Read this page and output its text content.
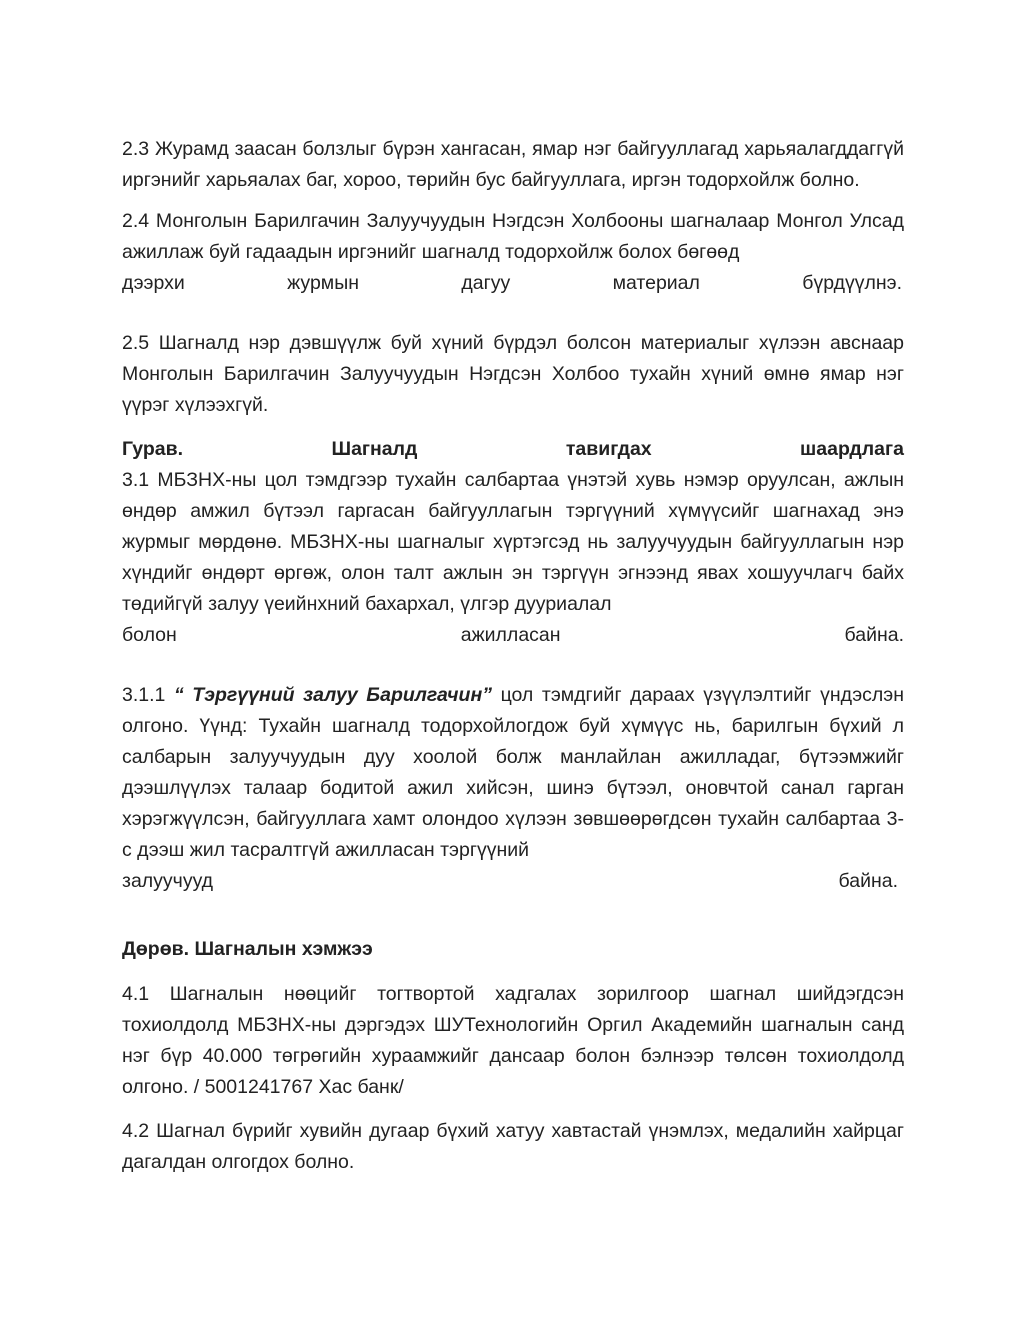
2.3 Журамд заасан болзлыг бүрэн хангасан, ямар нэг байгууллагад харьяалагддаггүй иргэнийг харьяалах баг, хороо, төрийн бус байгууллага, иргэн тодорхойлж болно.

2.4 Монголын Барилгачин Залуучуудын Нэгдсэн Холбооны шагналаар Монгол Улсад ажиллаж буй гадаадын иргэнийг шагналд тодорхойлж болох бөгөөд

дээрхи журмын дагуу материал бүрдүүлнэ.

2.5 Шагналд нэр дэвшүүлж буй хүний бүрдэл болсон материалыг хүлээн авснаар Монголын Барилгачин Залуучуудын Нэгдсэн Холбоо тухайн хүний өмнө ямар нэг үүрэг хүлээхгүй.

Гурав. Шагналд тавигдах шаардлага

3.1 МБЗНХ-ны цол тэмдгээр тухайн салбартаа үнэтэй хувь нэмэр оруулсан, ажлын өндөр амжил бүтээл гаргасан байгууллагын тэргүүний хүмүүсийг шагнахад энэ журмыг мөрдөнө. МБЗНХ-ны шагналыг хүртэгсэд нь залуучуудын байгууллагын нэр хүндийг өндөрт өргөж, олон талт ажлын эн тэргүүн эгнээнд явах хошуучлагч байх төдийгүй залуу үеийнхний бахархал, үлгэр дууриалал

болон ажилласан байна.

3.1.1 “ Тэргүүний залуу Барилгачин” цол тэмдгийг дараах үзүүлэлтийг үндэслэн олгоно. Үүнд: Тухайн шагналд тодорхойлогдож буй хүмүүс нь, барилгын бүхий л салбарын залуучуудын дуу хоолой болж манлайлан ажилладаг, бүтээмжийг дээшлүүлэх талаар бодитой ажил хийсэн, шинэ бүтээл, оновчтой санал гарган хэрэгжүүлсэн, байгууллага хамт олондоо хүлээн зөвшөөрөгдсөн тухайн салбартаа 3-с дээш жил тасралтгүй ажилласан тэргүүний

залуучууд байна.

Дөрөв. Шагналын хэмжээ

4.1 Шагналын нөөцийг тогтвортой хадгалах зорилгоор шагнал шийдэгдсэн тохиолдолд МБЗНХ-ны дэргэдэх ШУТехнологийн Оргил Академийн шагналын санд нэг бүр 40.000 төгрөгийн хураамжийг дансаар болон бэлнээр төлсөн тохиолдолд олгоно. / 5001241767 Хас банк/

4.2 Шагнал бүрийг хувийн дугаар бүхий хатуу хавтастай үнэмлэх, медалийн хайрцаг дагалдан олгогдох болно.
